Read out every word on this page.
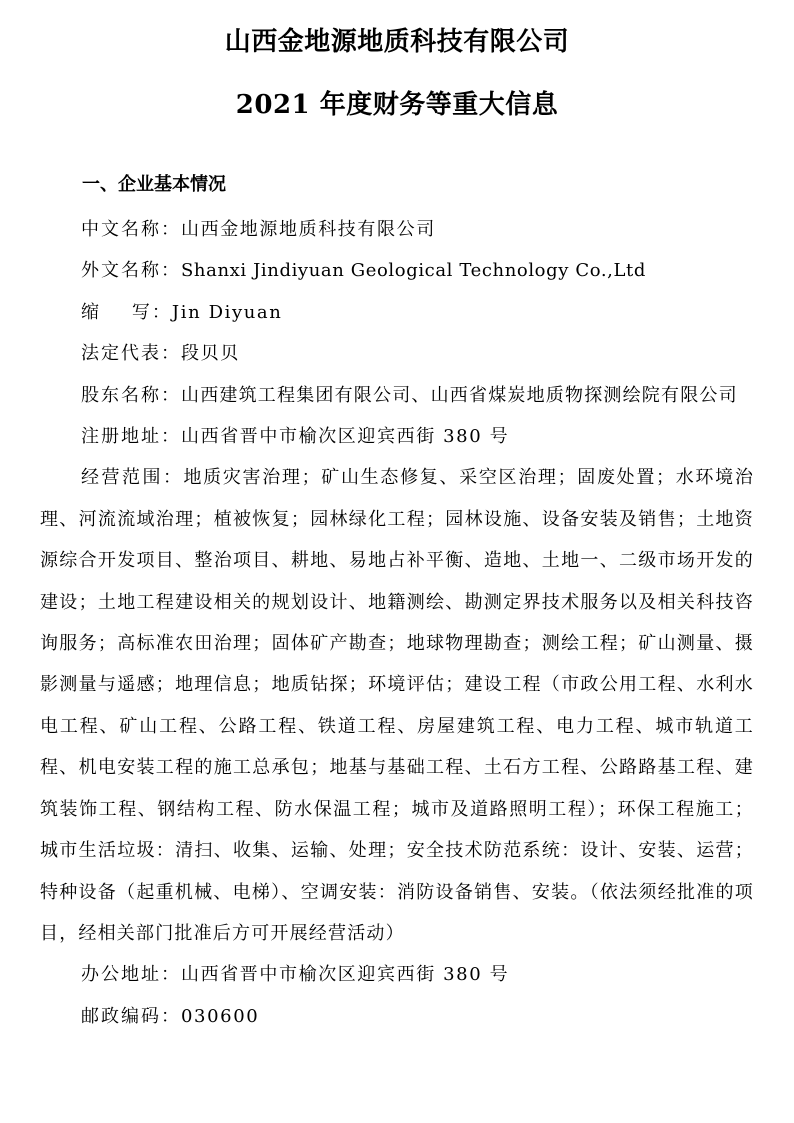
山西金地源地质科技有限公司
2021 年度财务等重大信息
一、企业基本情况

中文名称：山西金地源地质科技有限公司

外文名称：Shanxi Jindiyuan Geological Technology Co.,Ltd

缩    写：Jin Diyuan

法定代表：段贝贝

股东名称：山西建筑工程集团有限公司、山西省煤炭地质物探测绘院有限公司

注册地址：山西省晋中市榆次区迎宾西街 380 号

经营范围：地质灾害治理；矿山生态修复、采空区治理；固废处置；水环境治理、河流流域治理；植被恢复；园林绿化工程；园林设施、设备安装及销售；土地资源综合开发项目、整治项目、耕地、易地占补平衡、造地、土地一、二级市场开发的建设；土地工程建设相关的规划设计、地籍测绘、勘测定界技术服务以及相关科技咨询服务；高标准农田治理；固体矿产勘查；地球物理勘查；测绘工程；矿山测量、摄影测量与遥感；地理信息；地质钻探；环境评估；建设工程（市政公用工程、水利水电工程、矿山工程、公路工程、铁道工程、房屋建筑工程、电力工程、城市轨道工程、机电安装工程的施工总承包；地基与基础工程、土石方工程、公路路基工程、建筑装饰工程、钢结构工程、防水保温工程；城市及道路照明工程）；环保工程施工；城市生活垃圾：清扫、收集、运输、处理；安全技术防范系统：设计、安装、运营；特种设备（起重机械、电梯）、空调安装：消防设备销售、安装。（依法须经批准的项目，经相关部门批准后方可开展经营活动）

办公地址：山西省晋中市榆次区迎宾西街 380 号

邮政编码：030600
